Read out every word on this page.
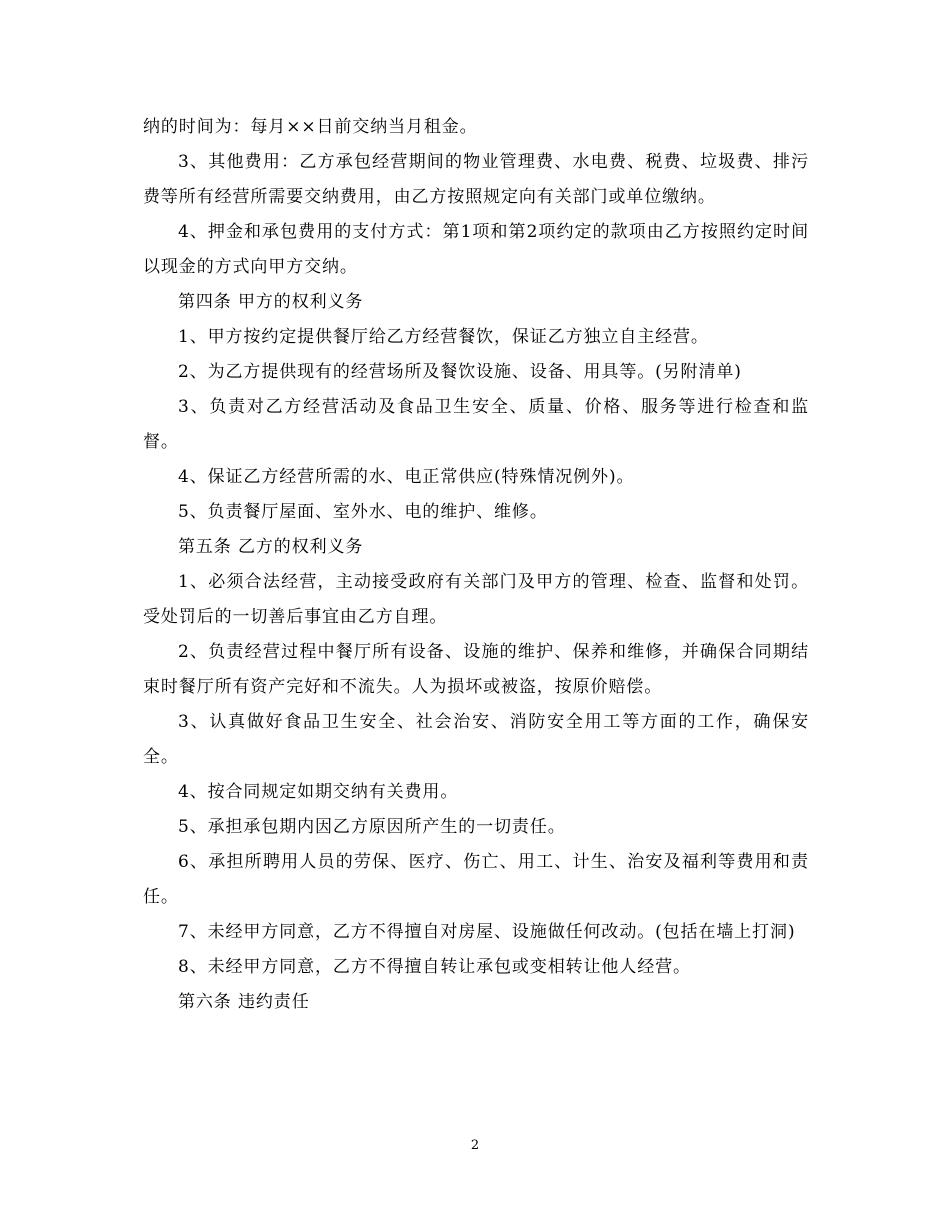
纳的时间为：每月××日前交纳当月租金。

3、其他费用：乙方承包经营期间的物业管理费、水电费、税费、垃圾费、排污费等所有经营所需要交纳费用，由乙方按照规定向有关部门或单位缴纳。

4、押金和承包费用的支付方式：第1项和第2项约定的款项由乙方按照约定时间以现金的方式向甲方交纳。

第四条 甲方的权利义务

1、甲方按约定提供餐厅给乙方经营餐饮，保证乙方独立自主经营。

2、为乙方提供现有的经营场所及餐饮设施、设备、用具等。(另附清单)

3、负责对乙方经营活动及食品卫生安全、质量、价格、服务等进行检查和监督。

4、保证乙方经营所需的水、电正常供应(特殊情况例外)。

5、负责餐厅屋面、室外水、电的维护、维修。

第五条 乙方的权利义务

1、必须合法经营，主动接受政府有关部门及甲方的管理、检查、监督和处罚。受处罚后的一切善后事宜由乙方自理。

2、负责经营过程中餐厅所有设备、设施的维护、保养和维修，并确保合同期结束时餐厅所有资产完好和不流失。人为损坏或被盗，按原价赔偿。

3、认真做好食品卫生安全、社会治安、消防安全用工等方面的工作，确保安全。

4、按合同规定如期交纳有关费用。

5、承担承包期内因乙方原因所产生的一切责任。

6、承担所聘用人员的劳保、医疗、伤亡、用工、计生、治安及福利等费用和责任。

7、未经甲方同意，乙方不得擅自对房屋、设施做任何改动。(包括在墙上打洞)

8、未经甲方同意，乙方不得擅自转让承包或变相转让他人经营。

第六条 违约责任

2
